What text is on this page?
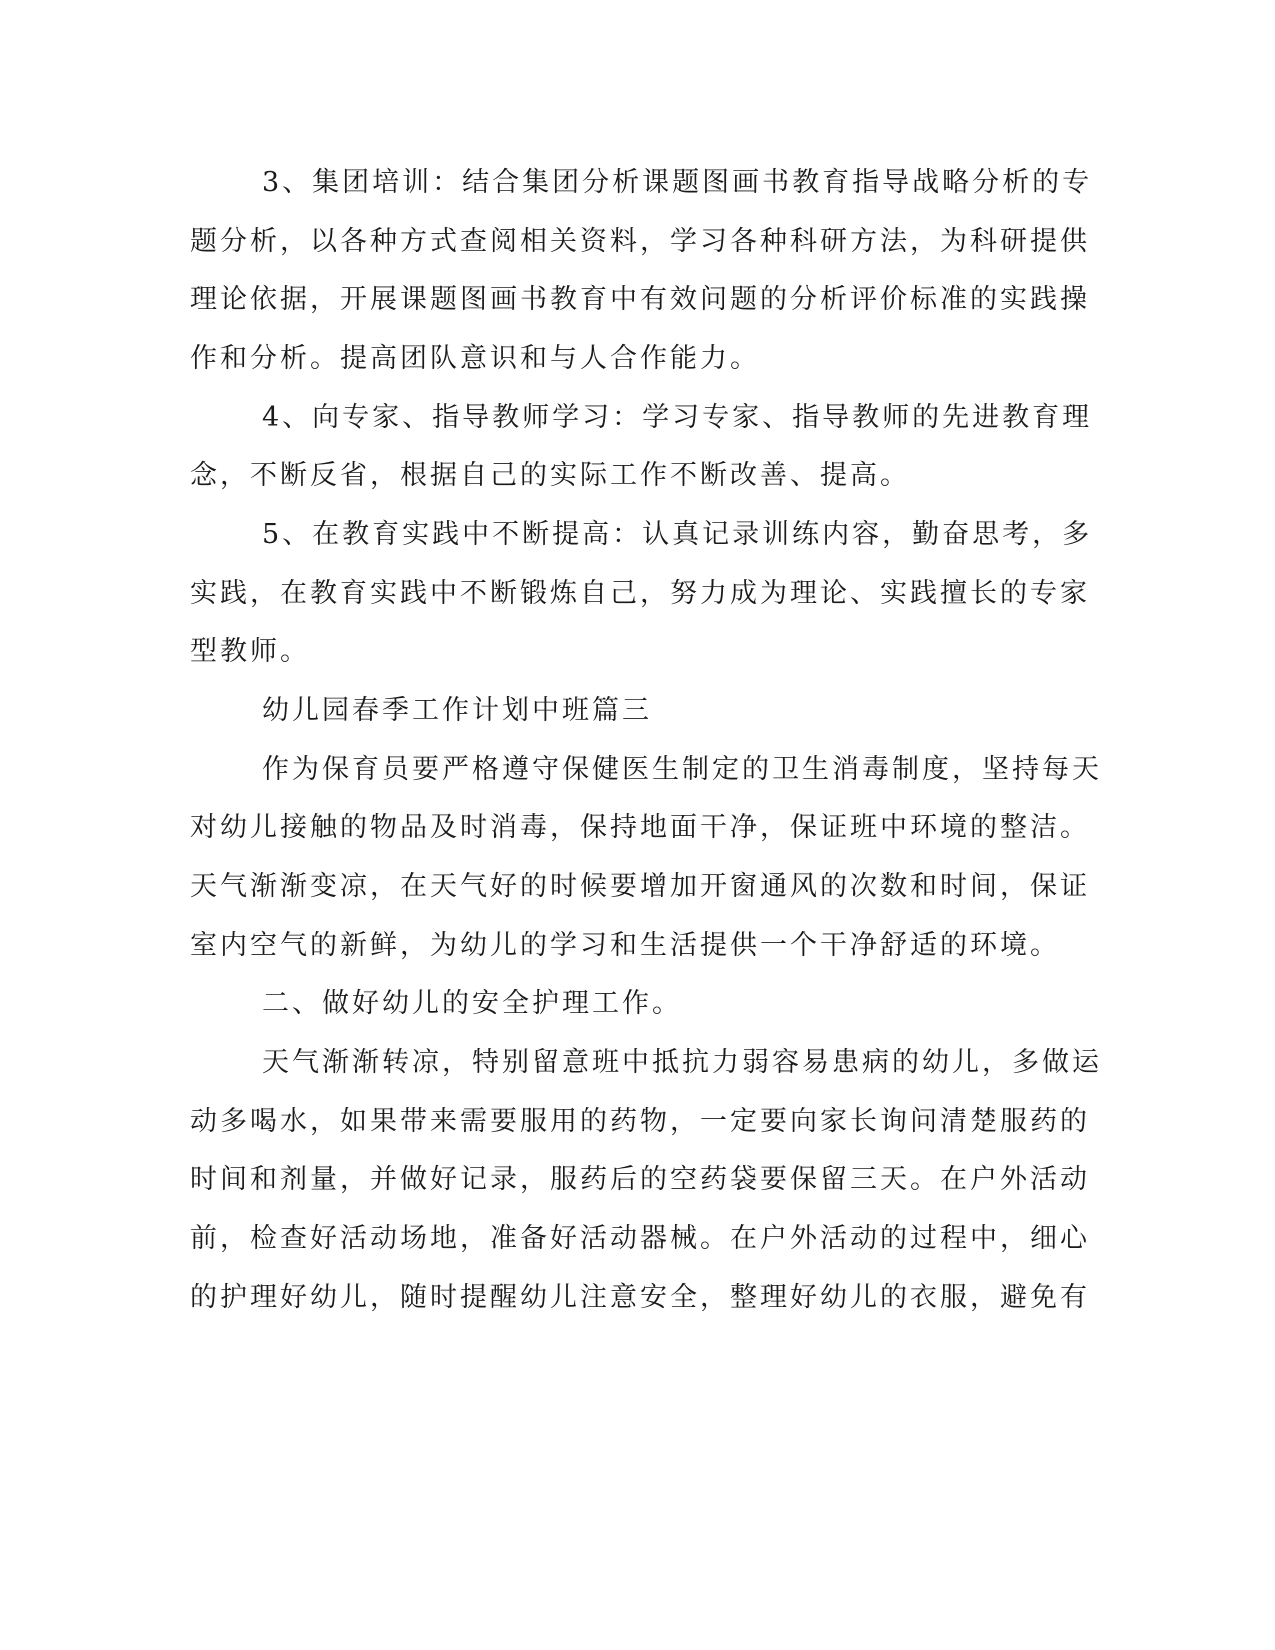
3、集团培训：结合集团分析课题图画书教育指导战略分析的专
题分析，以各种方式查阅相关资料，学习各种科研方法，为科研提供
理论依据，开展课题图画书教育中有效问题的分析评价标准的实践操
作和分析。提高团队意识和与人合作能力。
4、向专家、指导教师学习：学习专家、指导教师的先进教育理
念，不断反省，根据自己的实际工作不断改善、提高。
5、在教育实践中不断提高：认真记录训练内容，勤奋思考，多
实践，在教育实践中不断锻炼自己，努力成为理论、实践擅长的专家
型教师。
幼儿园春季工作计划中班篇三
作为保育员要严格遵守保健医生制定的卫生消毒制度，坚持每天
对幼儿接触的物品及时消毒，保持地面干净，保证班中环境的整洁。
天气渐渐变凉，在天气好的时候要增加开窗通风的次数和时间，保证
室内空气的新鲜，为幼儿的学习和生活提供一个干净舒适的环境。
二、做好幼儿的安全护理工作。
天气渐渐转凉，特别留意班中抵抗力弱容易患病的幼儿，多做运
动多喝水，如果带来需要服用的药物，一定要向家长询问清楚服药的
时间和剂量，并做好记录，服药后的空药袋要保留三天。在户外活动
前，检查好活动场地，准备好活动器械。在户外活动的过程中，细心
的护理好幼儿，随时提醒幼儿注意安全，整理好幼儿的衣服，避免有
